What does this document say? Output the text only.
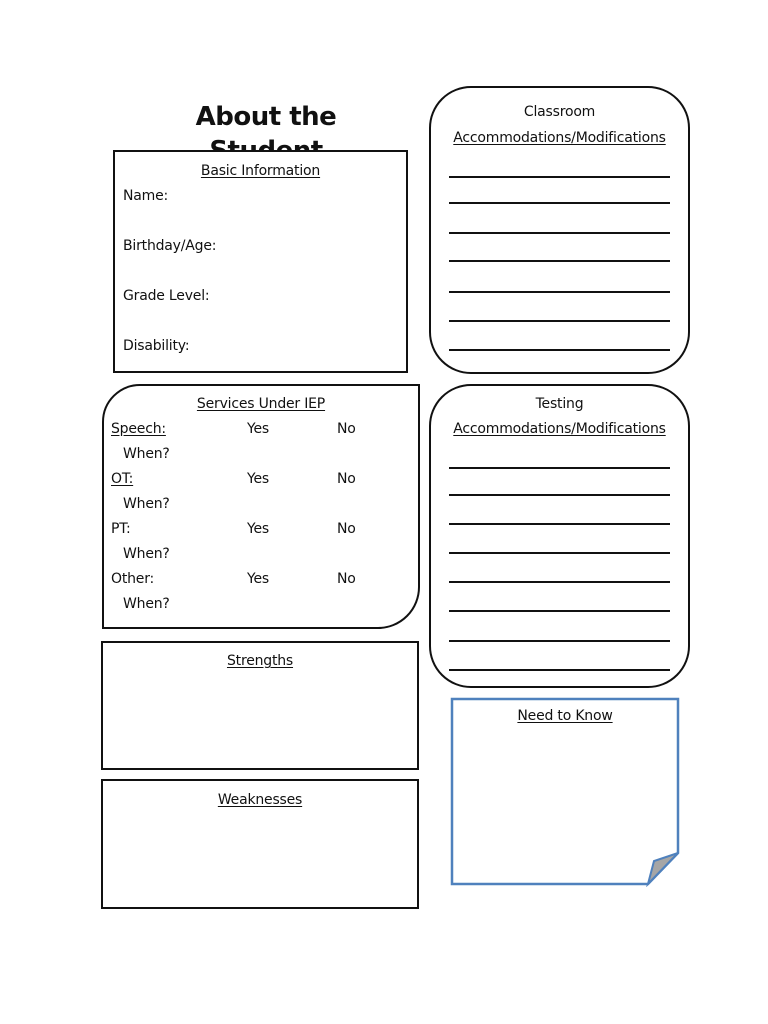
About the
Basic Information
Name:
Birthday/Age:
Grade Level:
Disability:
Services Under IEP
Speech:	Yes	No
When?
OT:	Yes	No
When?
PT:	Yes	No
When?
Other:	Yes	No
When?
Strengths
Weaknesses
Classroom
Accommodations/Modifications
Testing
Accommodations/Modifications
Need to Know
